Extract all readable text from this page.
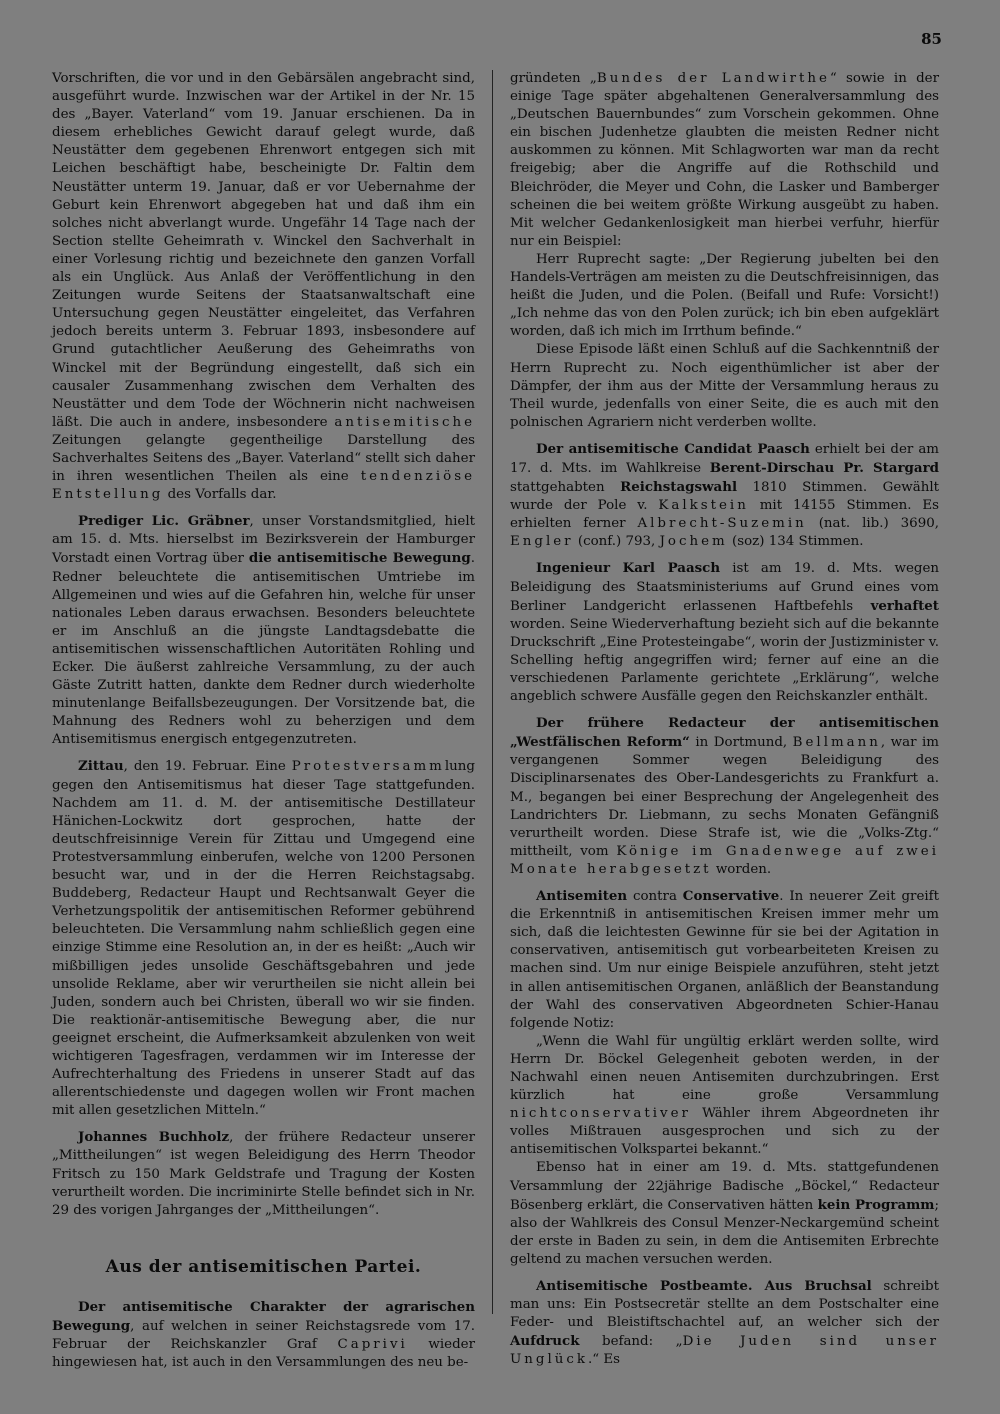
85

Vorschriften, die vor und in den Gebärsälen angebracht sind, ausgeführt wurde. Inzwischen war der Artikel in der Nr. 15 des „Bayer. Vaterland“ vom 19. Januar erschienen. Da in diesem erhebliches Gewicht darauf gelegt wurde, daß Neustätter dem gegebenen Ehrenwort entgegen sich mit Leichen beschäftigt habe, bescheinigte Dr. Faltin dem Neustätter unterm 19. Januar, daß er vor Uebernahme der Geburt kein Ehrenwort abgegeben hat und daß ihm ein solches nicht abverlangt wurde. Ungefähr 14 Tage nach der Section stellte Geheimrath v. Winckel den Sachverhalt in einer Vorlesung richtig und bezeichnete den ganzen Vorfall als ein Unglück. Aus Anlaß der Veröffentlichung in den Zeitungen wurde Seitens der Staatsanwaltschaft eine Untersuchung gegen Neustätter eingeleitet, das Verfahren jedoch bereits unterm 3. Februar 1893, insbesondere auf Grund gutachtlicher Aeußerung des Geheimraths von Winckel mit der Begründung eingestellt, daß sich ein causaler Zusammenhang zwischen dem Verhalten des Neustätter und dem Tode der Wöchnerin nicht nachweisen läßt. Die auch in andere, insbesondere antisemitische Zeitungen gelangte gegentheilige Darstellung des Sachverhaltes Seitens des „Bayer. Vaterland“ stellt sich daher in ihren wesentlichen Theilen als eine tendenziöse Entstellung des Vorfalls dar.

Prediger Lic. Gräbner, unser Vorstandsmitglied, hielt am 15. d. Mts. hierselbst im Bezirksverein der Hamburger Vorstadt einen Vortrag über die antisemitische Bewegung. Redner beleuchtete die antisemitischen Umtriebe im Allgemeinen und wies auf die Gefahren hin, welche für unser nationales Leben daraus erwachsen. Besonders beleuchtete er im Anschluß an die jüngste Landtagsdebatte die antisemitischen wissenschaftlichen Autoritäten Rohling und Ecker. Die äußerst zahlreiche Versammlung, zu der auch Gäste Zutritt hatten, dankte dem Redner durch wiederholte minutenlange Beifallsbezeugungen. Der Vorsitzende bat, die Mahnung des Redners wohl zu beherzigen und dem Antisemitismus energisch entgegenzutreten.

Zittau, den 19. Februar. Eine Protestversammlung gegen den Antisemitismus hat dieser Tage stattgefunden. Nachdem am 11. d. M. der antisemitische Destillateur Hänichen-Lockwitz dort gesprochen, hatte der deutschfreisinnige Verein für Zittau und Umgegend eine Protestversammlung einberufen, welche von 1200 Personen besucht war, und in der die Herren Reichstagsabg. Buddeberg, Redacteur Haupt und Rechtsanwalt Geyer die Verhetzungspolitik der antisemitischen Reformer gebührend beleuchteten. Die Versammlung nahm schließlich gegen eine einzige Stimme eine Resolution an, in der es heißt: „Auch wir mißbilligen jedes unsolide Geschäftsgebahren und jede unsolide Reklame, aber wir verurtheilen sie nicht allein bei Juden, sondern auch bei Christen, überall wo wir sie finden. Die reaktionär-antisemitische Bewegung aber, die nur geeignet erscheint, die Aufmerksamkeit abzulenken von weit wichtigeren Tagesfragen, verdammen wir im Interesse der Aufrechterhaltung des Friedens in unserer Stadt auf das allerentschiedenste und dagegen wollen wir Front machen mit allen gesetzlichen Mitteln.“

Johannes Buchholz, der frühere Redacteur unserer „Mittheilungen“ ist wegen Beleidigung des Herrn Theodor Fritsch zu 150 Mark Geldstrafe und Tragung der Kosten verurtheilt worden. Die incriminirte Stelle befindet sich in Nr. 29 des vorigen Jahrganges der „Mittheilungen“.

Aus der antisemitischen Partei.

Der antisemitische Charakter der agrarischen Bewegung, auf welchen in seiner Reichstagsrede vom 17. Februar der Reichskanzler Graf Caprivi wieder hingewiesen hat, ist auch in den Versammlungen des neu be-

gründeten „Bundes der Landwirthe“ sowie in der einige Tage später abgehaltenen Generalversammlung des „Deutschen Bauernbundes“ zum Vorschein gekommen. Ohne ein bischen Judenhetze glaubten die meisten Redner nicht auskommen zu können. Mit Schlagworten war man da recht freigebig; aber die Angriffe auf die Rothschild und Bleichröder, die Meyer und Cohn, die Lasker und Bamberger scheinen die bei weitem größte Wirkung ausgeübt zu haben. Mit welcher Gedankenlosigkeit man hierbei verfuhr, hierfür nur ein Beispiel:

Herr Ruprecht sagte: „Der Regierung jubelten bei den Handels-Verträgen am meisten zu die Deutschfreisinnigen, das heißt die Juden, und die Polen. (Beifall und Rufe: Vorsicht!) „Ich nehme das von den Polen zurück; ich bin eben aufgeklärt worden, daß ich mich im Irrthum befinde.“

Diese Episode läßt einen Schluß auf die Sachkenntniß der Herrn Ruprecht zu. Noch eigenthümlicher ist aber der Dämpfer, der ihm aus der Mitte der Versammlung heraus zu Theil wurde, jedenfalls von einer Seite, die es auch mit den polnischen Agrariern nicht verderben wollte.

Der antisemitische Candidat Paasch erhielt bei der am 17. d. Mts. im Wahlkreise Berent-Dirschau Pr. Stargard stattgehabten Reichstagswahl 1810 Stimmen. Gewählt wurde der Pole v. Kalkstein mit 14155 Stimmen. Es erhielten ferner Albrecht-Suzemin (nat. lib.) 3690, Engler (conf.) 793, Jochem (soz) 134 Stimmen.

Ingenieur Karl Paasch ist am 19. d. Mts. wegen Beleidigung des Staatsministeriums auf Grund eines vom Berliner Landgericht erlassenen Haftbefehls verhaftet worden. Seine Wiederverhaftung bezieht sich auf die bekannte Druckschrift „Eine Protesteingabe“, worin der Justizminister v. Schelling heftig angegriffen wird; ferner auf eine an die verschiedenen Parlamente gerichtete „Erklärung“, welche angeblich schwere Ausfälle gegen den Reichskanzler enthält.

Der frühere Redacteur der antisemitischen „Westfälischen Reform“ in Dortmund, Bellmann, war im vergangenen Sommer wegen Beleidigung des Disciplinarsenates des Ober-Landesgerichts zu Frankfurt a. M., begangen bei einer Besprechung der Angelegenheit des Landrichters Dr. Liebmann, zu sechs Monaten Gefängniß verurtheilt worden. Diese Strafe ist, wie die „Volks-Ztg.“ mittheilt, vom Könige im Gnadenwege auf zwei Monate herabgesetzt worden.

Antisemiten contra Conservative. In neuerer Zeit greift die Erkenntniß in antisemitischen Kreisen immer mehr um sich, daß die leichtesten Gewinne für sie bei der Agitation in conservativen, antisemitisch gut vorbearbeiteten Kreisen zu machen sind. Um nur einige Beispiele anzuführen, steht jetzt in allen antisemitischen Organen, anläßlich der Beanstandung der Wahl des conservativen Abgeordneten Schier-Hanau folgende Notiz:

„Wenn die Wahl für ungültig erklärt werden sollte, wird Herrn Dr. Böckel Gelegenheit geboten werden, in der Nachwahl einen neuen Antisemiten durchzubringen. Erst kürzlich hat eine große Versammlung nichtconservativer Wähler ihrem Abgeordneten ihr volles Mißtrauen ausgesprochen und sich zu der antisemitischen Volkspartei bekannt.“

Ebenso hat in einer am 19. d. Mts. stattgefundenen Versammlung der 22jährige Badische „Böckel,“ Redacteur Bösenberg erklärt, die Conservativen hätten kein Programm; also der Wahlkreis des Consul Menzer-Neckargemünd scheint der erste in Baden zu sein, in dem die Antisemiten Erbrechte geltend zu machen versuchen werden.

Antisemitische Postbeamte. Aus Bruchsal schreibt man uns: Ein Postsecretär stellte an dem Postschalter eine Feder- und Bleistiftschachtel auf, an welcher sich der Aufdruck befand: „Die Juden sind unser Unglück.“ Es
